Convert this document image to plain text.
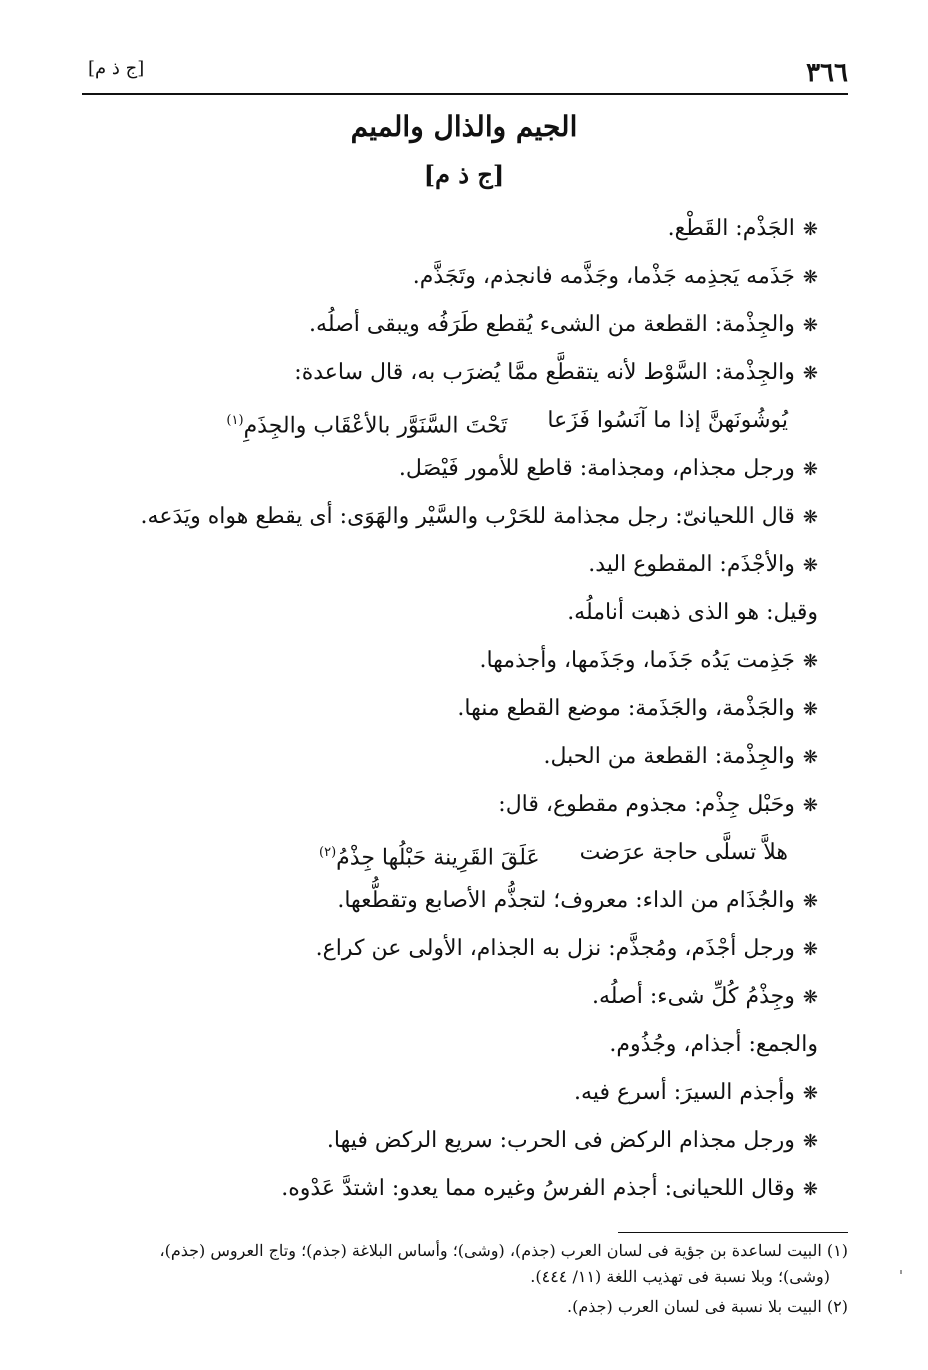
٣٦٦
[ج ذ م]
الجيم والذال والميم
[ج ذ م]
❋الجَذْم: القَطْع.
❋جَذَمه يَجذِمه جَذْما، وجَذَّمه فانجذم، وتَجَذَّم.
❋والجِذْمة: القطعة من الشىء يُقطع طَرَفُه ويبقى أصلُه.
❋والجِذْمة: السَّوْط لأنه يتقطَّع ممَّا يُضرَب به، قال ساعدة:
يُوشُونَهنَّ إذا ما آنَسُوا فَزَعا
تَحْتَ السَّنَوَّر بالأعْقَاب والجِذَمِ$^{(١)}$
❋ورجل مجذام، ومجذامة: قاطع للأمور فَيْصَل.
❋قال اللحيانىّ: رجل مجذامة للحَرْب والسَّيْر والهَوَى: أى يقطع هواه ويَدَعه.
❋والأجْذَم: المقطوع اليد.
وقيل: هو الذى ذهبت أناملُه.
❋جَذِمت يَدُه جَذَما، وجَذَمها، وأجذمها.
❋والجَذْمة، والجَذَمة: موضع القطع منها.
❋والجِذْمة: القطعة من الحبل.
❋وحَبْل جِذْم: مجذوم مقطوع، قال:
هلاَّ تسلَّى حاجة عرَضت
عَلَقَ القَرِينة حَبْلُها جِذْمُ$^{(٢)}$
❋والجُذَام من الداء: معروف؛ لتجذُّم الأصابع وتقطُّعها.
❋ورجل أجْذَم، ومُجذَّم: نزل به الجذام، الأولى عن كراع.
❋وجِذْمُ كُلِّ شىء: أصلُه.
والجمع: أجذام، وجُذُوم.
❋وأجذم السيرَ: أسرع فيه.
❋ورجل مجذام الركض فى الحرب: سريع الركض فيها.
❋وقال اللحيانى: أجذم الفرسُ وغيره مما يعدو: اشتدَّ عَدْوه.
(١) البيت لساعدة بن جؤية فى لسان العرب (جذم)، (وشى)؛ وأساس البلاغة (جذم)؛ وتاج العروس (جذم)،
(وشى)؛ وبلا نسبة فى تهذيب اللغة (١١/ ٤٤٤).
(٢) البيت بلا نسبة فى لسان العرب (جذم).
